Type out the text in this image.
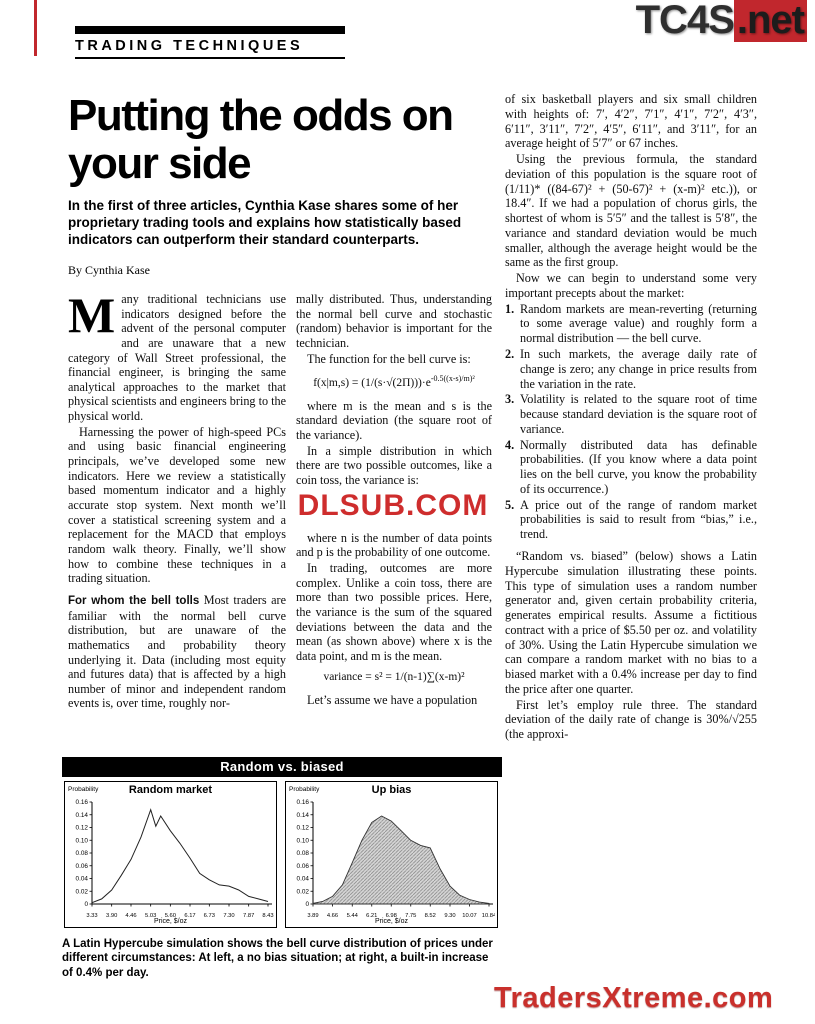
TRADING TECHNIQUES
TC4S.net
Putting the odds on your side

In the first of three articles, Cynthia Kase shares some of her proprietary trading tools and explains how statistically based indicators can outperform their standard counterparts.

By Cynthia Kase

Many traditional technicians use indicators designed before the advent of the personal computer and are unaware that a new category of Wall Street professional, the financial engineer, is bringing the same analytical approaches to the market that physical scientists and engineers bring to the physical world.

Harnessing the power of high-speed PCs and using basic financial engineering principals, we’ve developed some new indicators. Here we review a statistically based momentum indicator and a highly accurate stop system. Next month we’ll cover a statistical screening system and a replacement for the MACD that employs random walk theory. Finally, we’ll show how to combine these techniques in a trading situation.

For whom the bell tolls Most traders are familiar with the normal bell curve distribution, but are unaware of the mathematics and probability theory underlying it. Data (including most equity and futures data) that is affected by a high number of minor and independent random events is, over time, roughly nor-

mally distributed. Thus, understanding the normal bell curve and stochastic (random) behavior is important for the technician.

The function for the bell curve is:

$f(x|m,s) = (1/(s\cdot√(2\Pi)))\cdot e^{-0.5((x-s)/m)^2}$

where m is the mean and s is the standard deviation (the square root of the variance).

In a simple distribution in which there are two possible outcomes, like a coin toss, the variance is:

where n is the number of data points and p is the probability of one outcome.

In trading, outcomes are more complex. Unlike a coin toss, there are more than two possible prices. Here, the variance is the sum of the squared deviations between the data and the mean (as shown above) where x is the data point, and m is the mean.

variance = s² = 1/(n-1)∑(x-m)²

Let’s assume we have a population

of six basketball players and six small children with heights of: 7′, 4′2″, 7′1″, 4′1″, 7′2″, 4′3″, 6′11″, 3′11″, 7′2″, 4′5″, 6′11″, and 3′11″, for an average height of 5′7″ or 67 inches.

Using the previous formula, the standard deviation of this population is the square root of (1/11)* ((84-67)² + (50-67)² + (x-m)² etc.)), or 18.4″. If we had a population of chorus girls, the shortest of whom is 5′5″ and the tallest is 5′8″, the variance and standard deviation would be much smaller, although the average height would be the same as the first group.

Now we can begin to understand some very important precepts about the market:

1. Random markets are mean-reverting (returning to some average value) and roughly form a normal distribution — the bell curve.
2. In such markets, the average daily rate of change is zero; any change in price results from the variation in the rate.
3. Volatility is related to the square root of time because standard deviation is the square root of variance.
4. Normally distributed data has definable probabilities. (If you know where a data point lies on the bell curve, you know the probability of its occurrence.)
5. A price out of the range of random market probabilities is said to result from “bias,” i.e., trend.

“Random vs. biased” (below) shows a Latin Hypercube simulation illustrating these points. This type of simulation uses a random number generator and, given certain probability criteria, generates empirical results. Assume a fictitious contract with a price of $5.50 per oz. and volatility of 30%. Using the Latin Hypercube simulation we can compare a random market with no bias to a biased market with a 0.4% increase per day to find the price after one quarter.

First let’s employ rule three. The standard deviation of the daily rate of change is 30%/√255 (the approxi-

Random vs. biased
Probability	Random market
0
0.02
0.04
0.06
0.08
0.10
0.12
0.14
0.16
3.33 3.90 4.46 5.03 5.60 6.17 6.73 7.30 7.87 8.43
Price, $/oz
Probability	Up bias
0
0.02
0.04
0.06
0.08
0.10
0.12
0.14
0.16
3.89 4.66 5.44 6.21 6.98 7.75 8.52 9.30 10.07 10.84
Price, $/oz

A Latin Hypercube simulation shows the bell curve distribution of prices under different circumstances: At left, a no bias situation; at right, a built-in increase of 0.4% per day.

TradersXtreme.com
DLSUB.COM
